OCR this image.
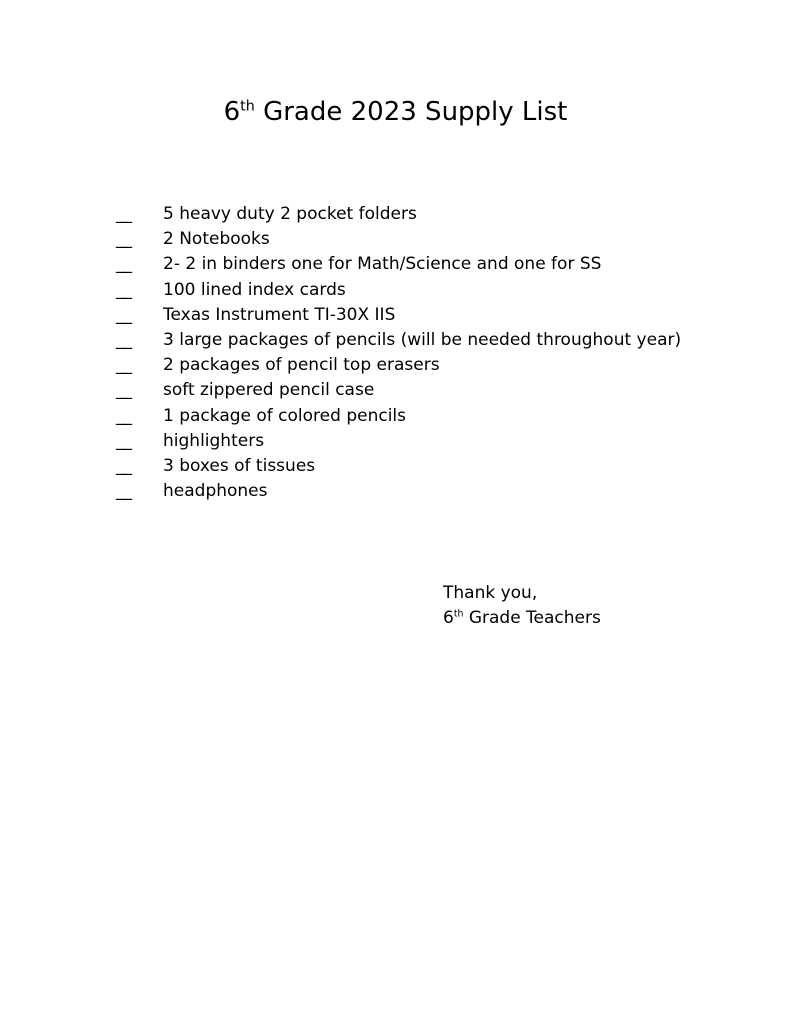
6th Grade 2023 Supply List
__	5 heavy duty 2 pocket folders
__	2 Notebooks
__	2- 2 in binders one for Math/Science and one for SS
__	100 lined index cards
__	Texas Instrument TI-30X IIS
__	3 large packages of pencils (will be needed throughout year)
__	2 packages of pencil top erasers
__	soft zippered pencil case
__	1 package of colored pencils
__	highlighters
__	3 boxes of tissues
__	headphones
Thank you,
6th Grade Teachers
